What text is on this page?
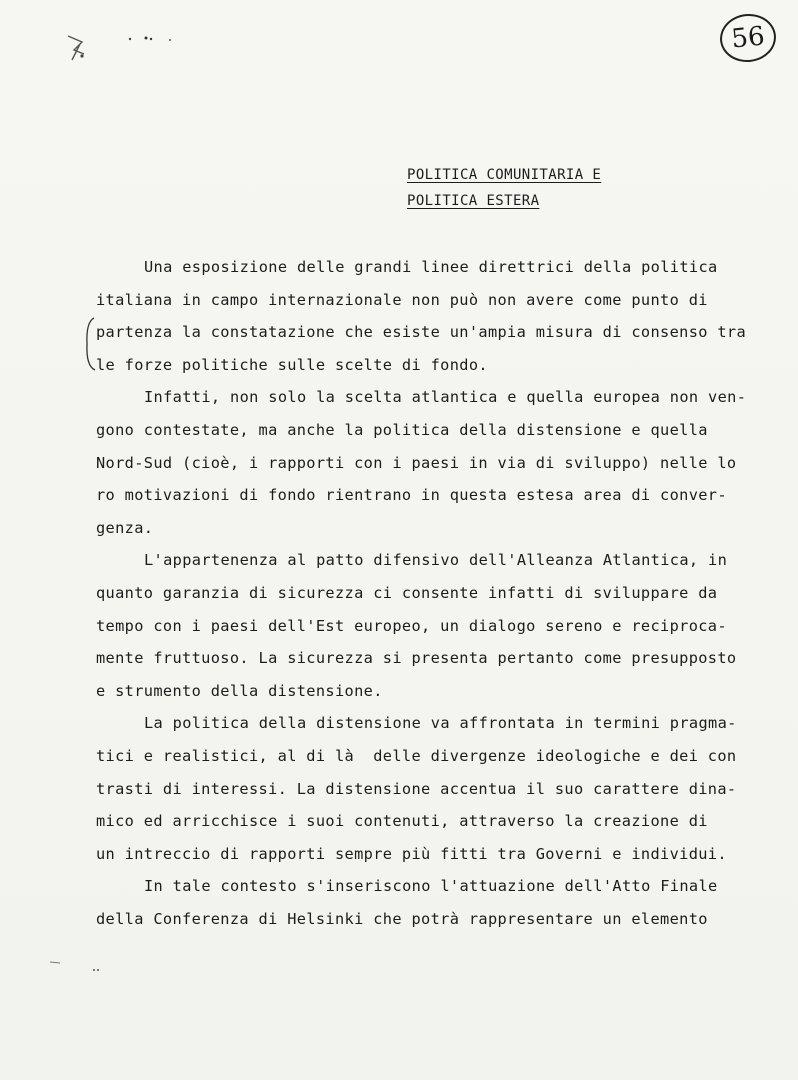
56
POLITICA COMUNITARIA E
POLITICA ESTERA
Una esposizione delle grandi linee direttrici della politica
italiana in campo internazionale non può non avere come punto di
partenza la constatazione che esiste un'ampia misura di consenso tra
le forze politiche sulle scelte di fondo.
Infatti, non solo la scelta atlantica e quella europea non ven-
gono contestate, ma anche la politica della distensione e quella
Nord-Sud (cioè, i rapporti con i paesi in via di sviluppo) nelle lo
ro motivazioni di fondo rientrano in questa estesa area di conver-
genza.
L'appartenenza al patto difensivo dell'Alleanza Atlantica, in
quanto garanzia di sicurezza ci consente infatti di sviluppare da
tempo con i paesi dell'Est europeo, un dialogo sereno e reciproca-
mente fruttuoso. La sicurezza si presenta pertanto come presupposto
e strumento della distensione.
La politica della distensione va affrontata in termini pragma-
tici e realistici, al di là  delle divergenze ideologiche e dei con
trasti di interessi. La distensione accentua il suo carattere dina-
mico ed arricchisce i suoi contenuti, attraverso la creazione di
un intreccio di rapporti sempre più fitti tra Governi e individui.
In tale contesto s'inseriscono l'attuazione dell'Atto Finale
della Conferenza di Helsinki che potrà rappresentare un elemento
